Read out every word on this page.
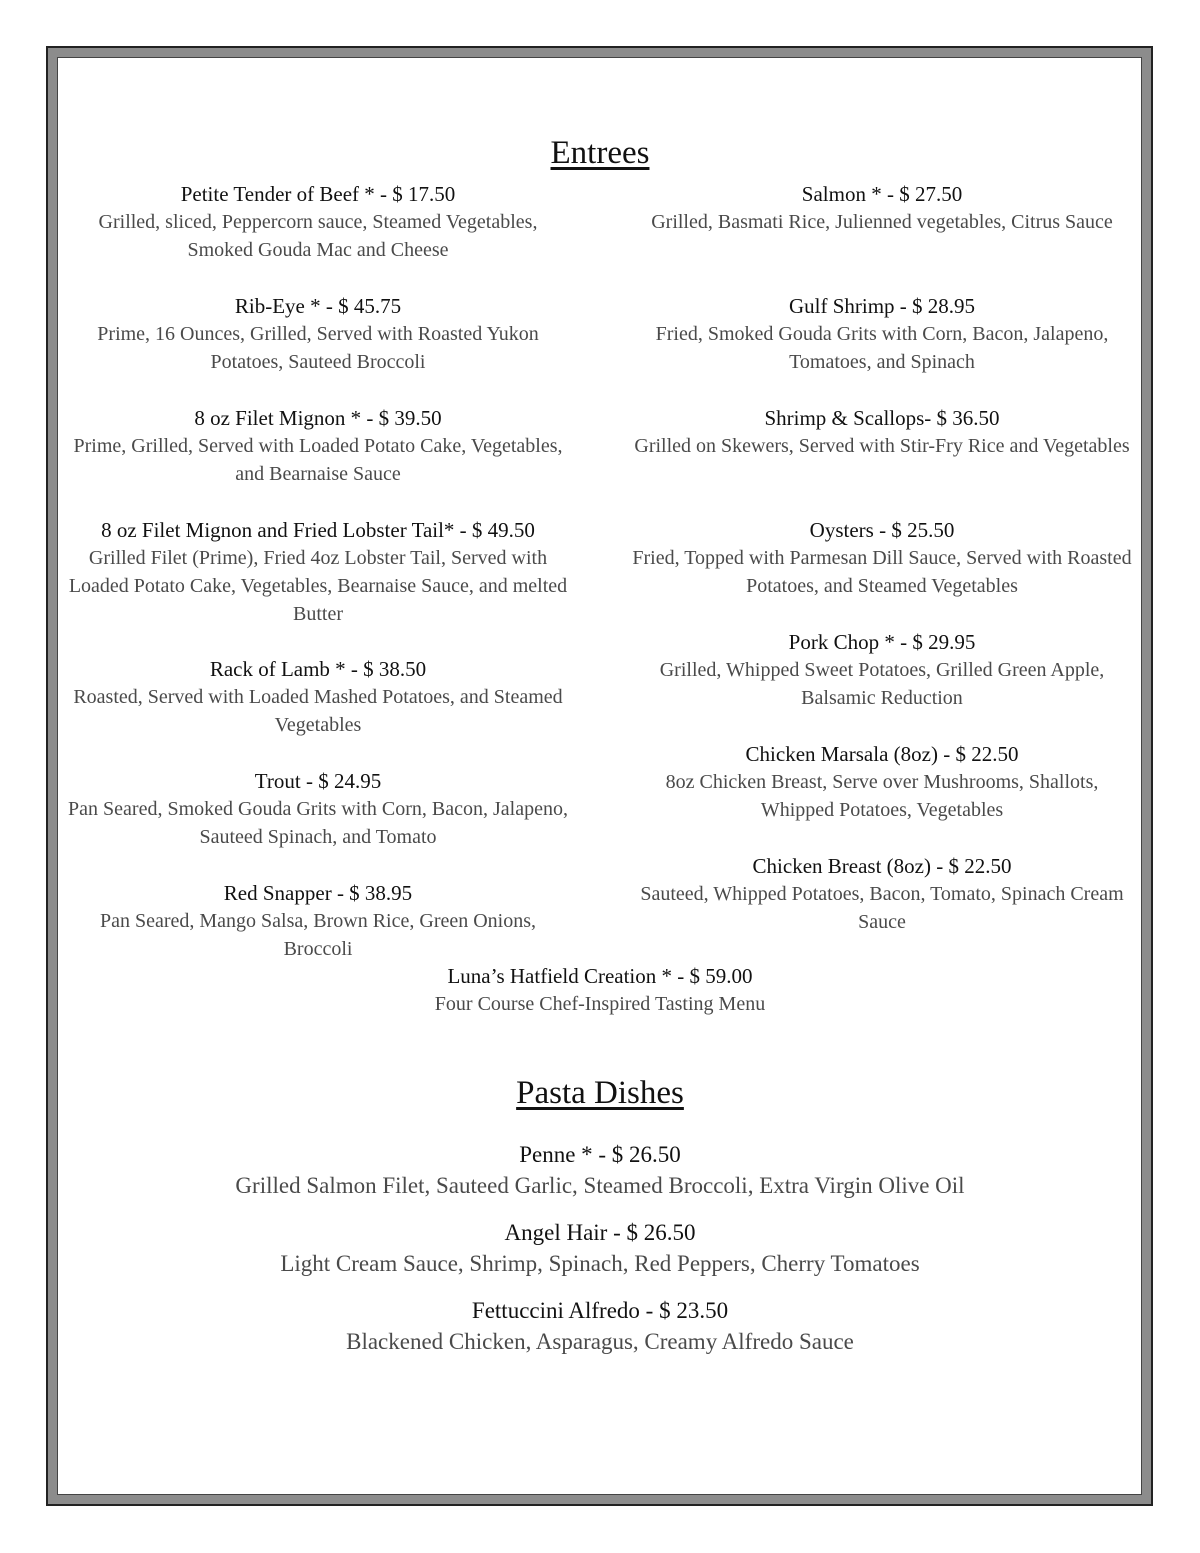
Entrees
Petite Tender of Beef * - $ 17.50
Grilled, sliced, Peppercorn sauce, Steamed Vegetables, Smoked Gouda Mac and Cheese
Rib-Eye * - $ 45.75
Prime, 16 Ounces, Grilled, Served with Roasted Yukon Potatoes, Sauteed Broccoli
8 oz Filet Mignon * - $ 39.50
Prime, Grilled, Served with Loaded Potato Cake, Vegetables, and Bearnaise Sauce
8 oz Filet Mignon and Fried Lobster Tail* - $ 49.50
Grilled Filet (Prime), Fried 4oz Lobster Tail, Served with Loaded Potato Cake, Vegetables, Bearnaise Sauce, and melted Butter
Rack of Lamb * - $ 38.50
Roasted, Served with Loaded Mashed Potatoes, and Steamed Vegetables
Trout - $ 24.95
Pan Seared, Smoked Gouda Grits with Corn, Bacon, Jalapeno, Sauteed Spinach, and Tomato
Red Snapper - $ 38.95
Pan Seared, Mango Salsa, Brown Rice, Green Onions, Broccoli
Salmon * - $ 27.50
Grilled, Basmati Rice, Julienned vegetables, Citrus Sauce
Gulf Shrimp - $ 28.95
Fried, Smoked Gouda Grits with Corn, Bacon, Jalapeno, Tomatoes, and Spinach
Shrimp & Scallops- $ 36.50
Grilled on Skewers, Served with Stir-Fry Rice and Vegetables
Oysters - $ 25.50
Fried, Topped with Parmesan Dill Sauce, Served with Roasted Potatoes, and Steamed Vegetables
Pork Chop * - $ 29.95
Grilled, Whipped Sweet Potatoes, Grilled Green Apple, Balsamic Reduction
Chicken Marsala (8oz) - $ 22.50
8oz Chicken Breast, Serve over Mushrooms, Shallots, Whipped Potatoes, Vegetables
Chicken Breast (8oz) - $ 22.50
Sauteed, Whipped Potatoes, Bacon, Tomato, Spinach Cream Sauce
Luna’s Hatfield Creation * - $ 59.00
Four Course Chef-Inspired Tasting Menu
Pasta Dishes
Penne * - $ 26.50
Grilled Salmon Filet, Sauteed Garlic, Steamed Broccoli, Extra Virgin Olive Oil
Angel Hair - $ 26.50
Light Cream Sauce, Shrimp, Spinach, Red Peppers, Cherry Tomatoes
Fettuccini Alfredo - $ 23.50
Blackened Chicken, Asparagus, Creamy Alfredo Sauce
